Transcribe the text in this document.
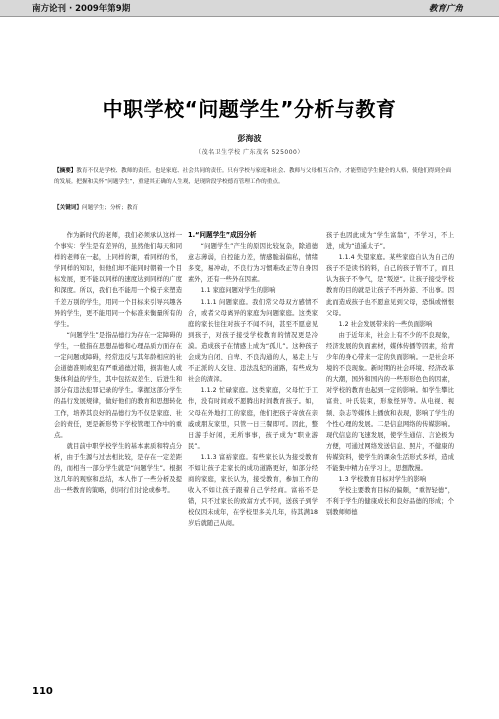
南方论刊 · 2009年第9期	教育广角
中职学校“问题学生”分析与教育
彭海波
（茂名卫生学校 广东茂名 525000）
【摘要】教育不仅是学校、教师的责任，也是家庭、社会共同的责任。只有学校与家庭和社会、教师与父母相互合作，才能塑造学生健全的人格，使他们得到全面的发展。把握和关怀“问题学生”，重建其正确的人生观，是现阶段学校德育管理工作的重点。
【关键词】问题学生；分析；教育

作为新时代的老师，我们必须承认这样一个事实：学生是有差异的，虽然他们每天和同样的老师在一起，上同样的课，看同样的书，学同样的知识，但他们却不能同时朝着一个目标发展，更不能以同样的速度达到同样的广度和深度。所以，我们也不能用一个模子来塑造千差万别的学生，用同一个目标来引导兴趣各异的学生，更不能用同一个标准来衡量所有的学生。

“问题学生”是指品德行为存在一定障碍的学生，一般指在思想品德和心理品质方面存在一定问题或障碍，经常违反与其年龄相应的社会道德准则或犯有严重道德过错，损害他人或集体利益的学生，其中包括双差生、后进生和部分有违法犯罪记录的学生。掌握这部分学生的品行发展规律，做好他们的教育和思想转化工作，培养其良好的品德行为不仅是家庭、社会的责任，更是新形势下学校管理工作中的重点。

就目前中职学校学生的基本素质和特点分析，由于生源与过去相比较，是存在一定差距的，而相当一部分学生就是“问题学生”。根据这几年的观察和总结，本人作了一些分析及提出一些教育的策略，供同行们讨论或参考。

1.“问题学生”成因分析

“问题学生”产生的原因比较复杂，除道德意志薄弱，自控能力差，情感脆弱偏私，情绪多变，易冲动，不良行为习惯难改正等自身因素外，还有一些外在因素。

1.1 家庭问题对学生的影响

1.1.1 问题家庭。我们常父母双方感情不合，或者父母离异的家庭为问题家庭。这类家庭的家长往往对孩子不闻不问，甚至不愿意见到孩子，对孩子接受学校教育的情况更是冷漠。造成孩子在情感上成为“孤儿”。这种孩子会成为自闭、自卑、不良沟通的人，易走上与不正派的人交往、违法乱纪的道路，有些成为社会的渣滓。

1.1.2 忙碌家庭。这类家庭，父母忙于工作，没有时间或不愿腾出时间教育孩子。如，父母在外地打工的家庭，他们把孩子寄放在亲戚或朋友家里，只管一日三餐即可。因此，整日游手好闲，无所事事，孩子成为“职业游民”。

1.1.3 富裕家庭。有些家长认为接受教育不如让孩子走家长的成功道路更好，如部分经商的家庭，家长认为，接受教育，参加工作的收入不如让孩子跟着自己学经商。富裕不是错，只不过家长的致富方式不同，送孩子到学校仅因未成年，在学校里多关几年，待其满18岁后就随己从商。

孩子也因此成为“学生富翁”，不学习，不上进，成为“逍遥太子”。

1.1.4 失望家庭。某些家庭自认为自己的孩子不是读书的料，自己的孩子管不了，而且认为孩子不争气，是“叛逆”。让孩子接受学校教育的目的就是让孩子不再外游、不出事。因此而造成孩子也不愿意见到父母，恐惧或憎恨父母。

1.2 社会发展带来的一些负面影响

由于近年来，社会上有不少的不良现象，经济发展的负面素材，媒体传播等因素，给青少年的身心带来一定的负面影响。一是社会环境的不良现象。新时期的社会环境、经济改革的大潮，国外和国内的一些形形色色的因素，对学校的教育也起到一定的影响。如学生攀比富贵、叶氏装束，形象怪异等。从电视、视频、杂志等媒体上播放和表现，影响了学生的个性心理的发展。二是信息网络的传媒影响。现代信息的飞速发展，使学生通信、言论极为方便，可通过网络发送信息、照片，不健康的传媒资料，使学生的课余生活形式多样，造成不能集中精力在学习上，思想散漫。

1.3 学校教育目标对学生的影响

学校主要教育目标的偏颇，“重智轻德”，不利于学生的健康成长和良好品德的形成；个别教师师德

110
